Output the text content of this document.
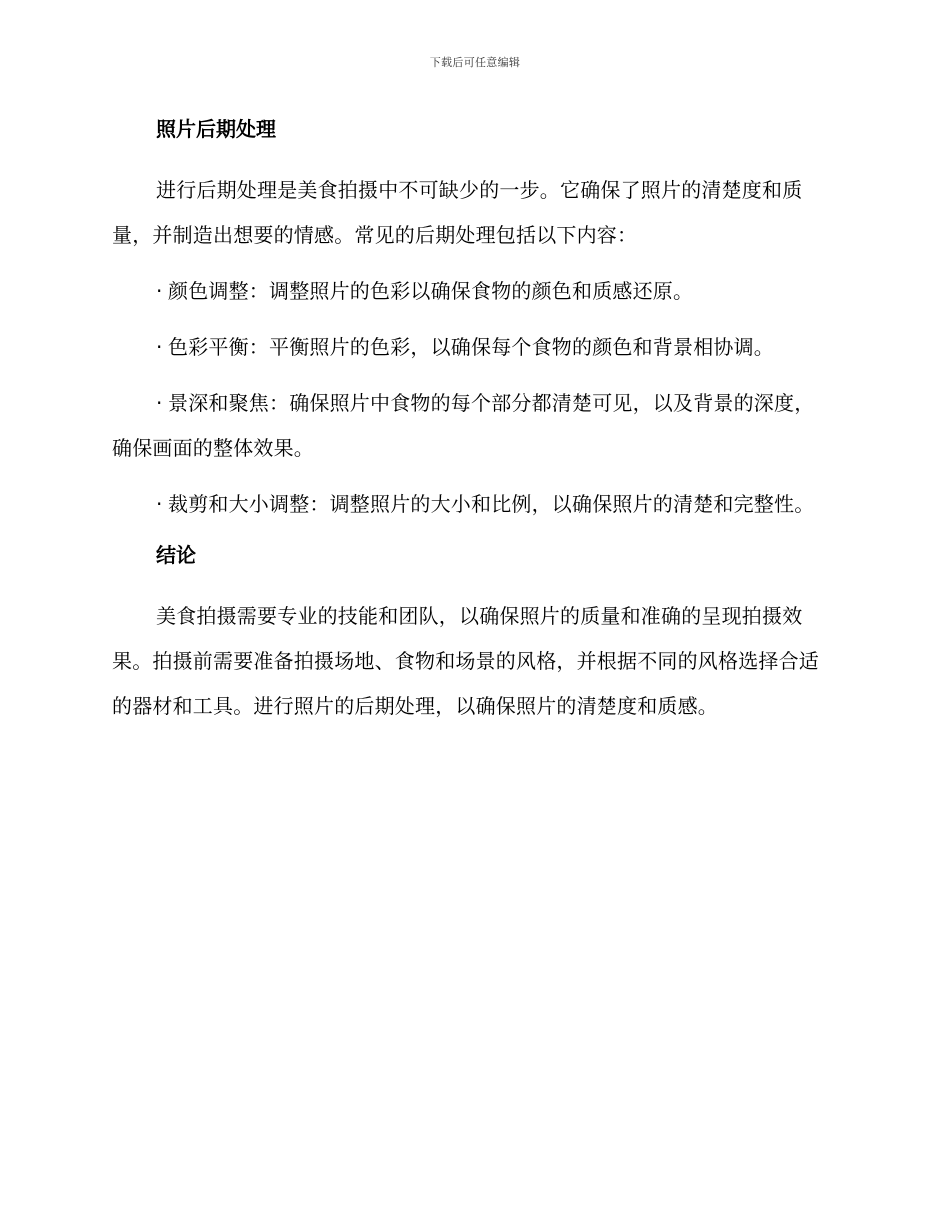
下载后可任意编辑
照片后期处理

进行后期处理是美食拍摄中不可缺少的一步。它确保了照片的清楚度和质量，并制造出想要的情感。常见的后期处理包括以下内容：

· 颜色调整：调整照片的色彩以确保食物的颜色和质感还原。

· 色彩平衡：平衡照片的色彩，以确保每个食物的颜色和背景相协调。

· 景深和聚焦：确保照片中食物的每个部分都清楚可见，以及背景的深度，确保画面的整体效果。

· 裁剪和大小调整：调整照片的大小和比例，以确保照片的清楚和完整性。

结论

美食拍摄需要专业的技能和团队，以确保照片的质量和准确的呈现拍摄效果。拍摄前需要准备拍摄场地、食物和场景的风格，并根据不同的风格选择合适的器材和工具。进行照片的后期处理，以确保照片的清楚度和质感。
